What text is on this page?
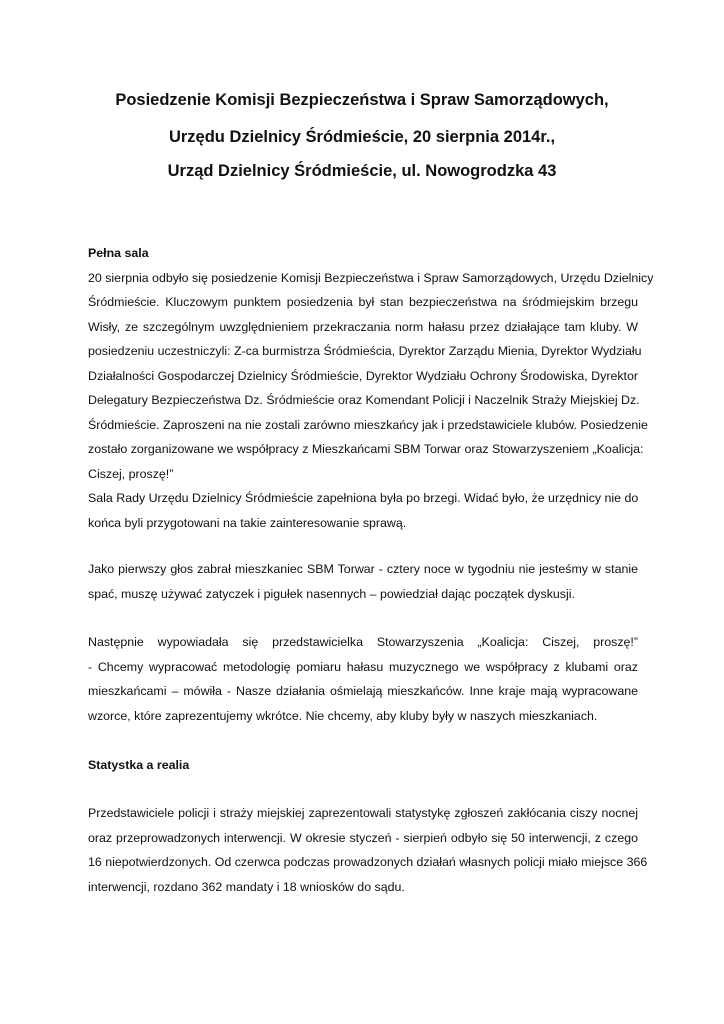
Posiedzenie Komisji Bezpieczeństwa i Spraw Samorządowych,
Urzędu Dzielnicy Śródmieście, 20 sierpnia 2014r.,
Urząd Dzielnicy Śródmieście, ul. Nowogrodzka 43
Pełna sala
20 sierpnia odbyło się posiedzenie Komisji Bezpieczeństwa i Spraw Samorządowych, Urzędu Dzielnicy
Śródmieście. Kluczowym punktem posiedzenia był stan bezpieczeństwa na śródmiejskim brzegu
Wisły, ze szczególnym uwzględnieniem przekraczania norm hałasu przez działające tam kluby. W
posiedzeniu uczestniczyli: Z-ca burmistrza Śródmieścia, Dyrektor Zarządu Mienia, Dyrektor Wydziału
Działalności Gospodarczej Dzielnicy Śródmieście, Dyrektor Wydziału Ochrony Środowiska, Dyrektor
Delegatury Bezpieczeństwa Dz. Śródmieście oraz Komendant Policji i Naczelnik Straży Miejskiej Dz.
Śródmieście. Zaproszeni na nie zostali zarówno mieszkańcy jak i przedstawiciele klubów. Posiedzenie
zostało zorganizowane we współpracy z Mieszkańcami SBM Torwar oraz Stowarzyszeniem „Koalicja:
Ciszej, proszę!”
Sala Rady Urzędu Dzielnicy Śródmieście zapełniona była po brzegi. Widać było, że urzędnicy nie do
końca byli przygotowani na takie zainteresowanie sprawą.
Jako pierwszy głos zabrał mieszkaniec SBM Torwar - cztery noce w tygodniu nie jesteśmy w stanie
spać, muszę używać zatyczek i pigułek nasennych – powiedział dając początek dyskusji.
Następnie wypowiadała się przedstawicielka Stowarzyszenia „Koalicja: Ciszej, proszę!”
- Chcemy wypracować metodologię pomiaru hałasu muzycznego we współpracy z klubami oraz
mieszkańcami – mówiła - Nasze działania ośmielają mieszkańców. Inne kraje mają wypracowane
wzorce, które zaprezentujemy wkrótce. Nie chcemy, aby kluby były w naszych mieszkaniach.
Statystka a realia
Przedstawiciele policji i straży miejskiej zaprezentowali statystykę zgłoszeń zakłócania ciszy nocnej
oraz przeprowadzonych interwencji. W okresie styczeń - sierpień odbyło się 50 interwencji, z czego
16 niepotwierdzonych. Od czerwca podczas prowadzonych działań własnych policji miało miejsce 366
interwencji, rozdano 362 mandaty i 18 wniosków do sądu.
